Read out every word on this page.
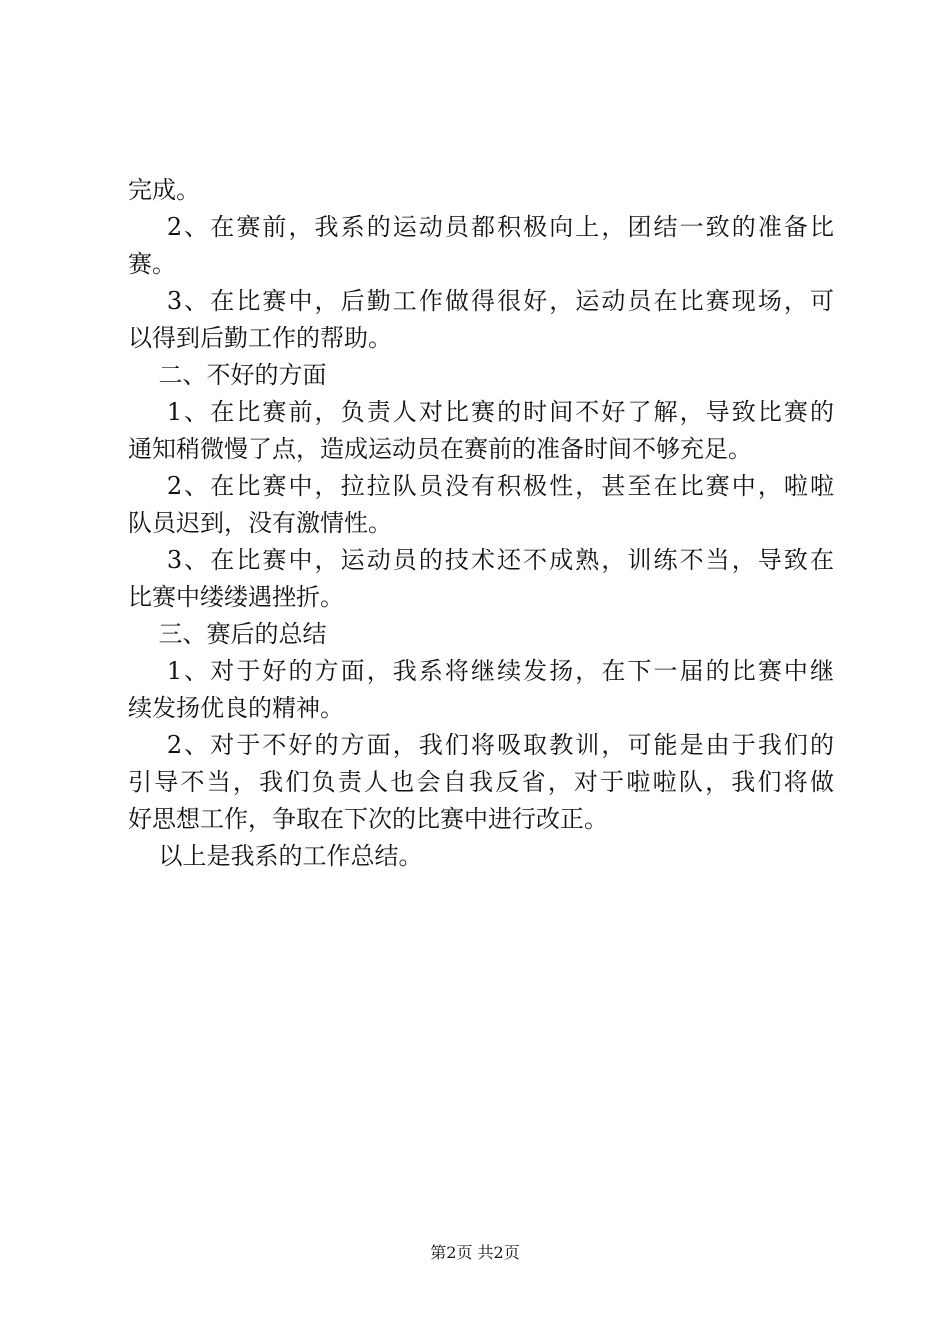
完成。
2、在赛前，我系的运动员都积极向上，团结一致的准备比
赛。
3、在比赛中，后勤工作做得很好，运动员在比赛现场，可
以得到后勤工作的帮助。
二、不好的方面
1、在比赛前，负责人对比赛的时间不好了解，导致比赛的
通知稍微慢了点，造成运动员在赛前的准备时间不够充足。
2、在比赛中，拉拉队员没有积极性，甚至在比赛中，啦啦
队员迟到，没有激情性。
3、在比赛中，运动员的技术还不成熟，训练不当，导致在
比赛中缕缕遇挫折。
三、赛后的总结
1、对于好的方面，我系将继续发扬，在下一届的比赛中继
续发扬优良的精神。
2、对于不好的方面，我们将吸取教训，可能是由于我们的
引导不当，我们负责人也会自我反省，对于啦啦队，我们将做
好思想工作，争取在下次的比赛中进行改正。
以上是我系的工作总结。
第2页 共2页
